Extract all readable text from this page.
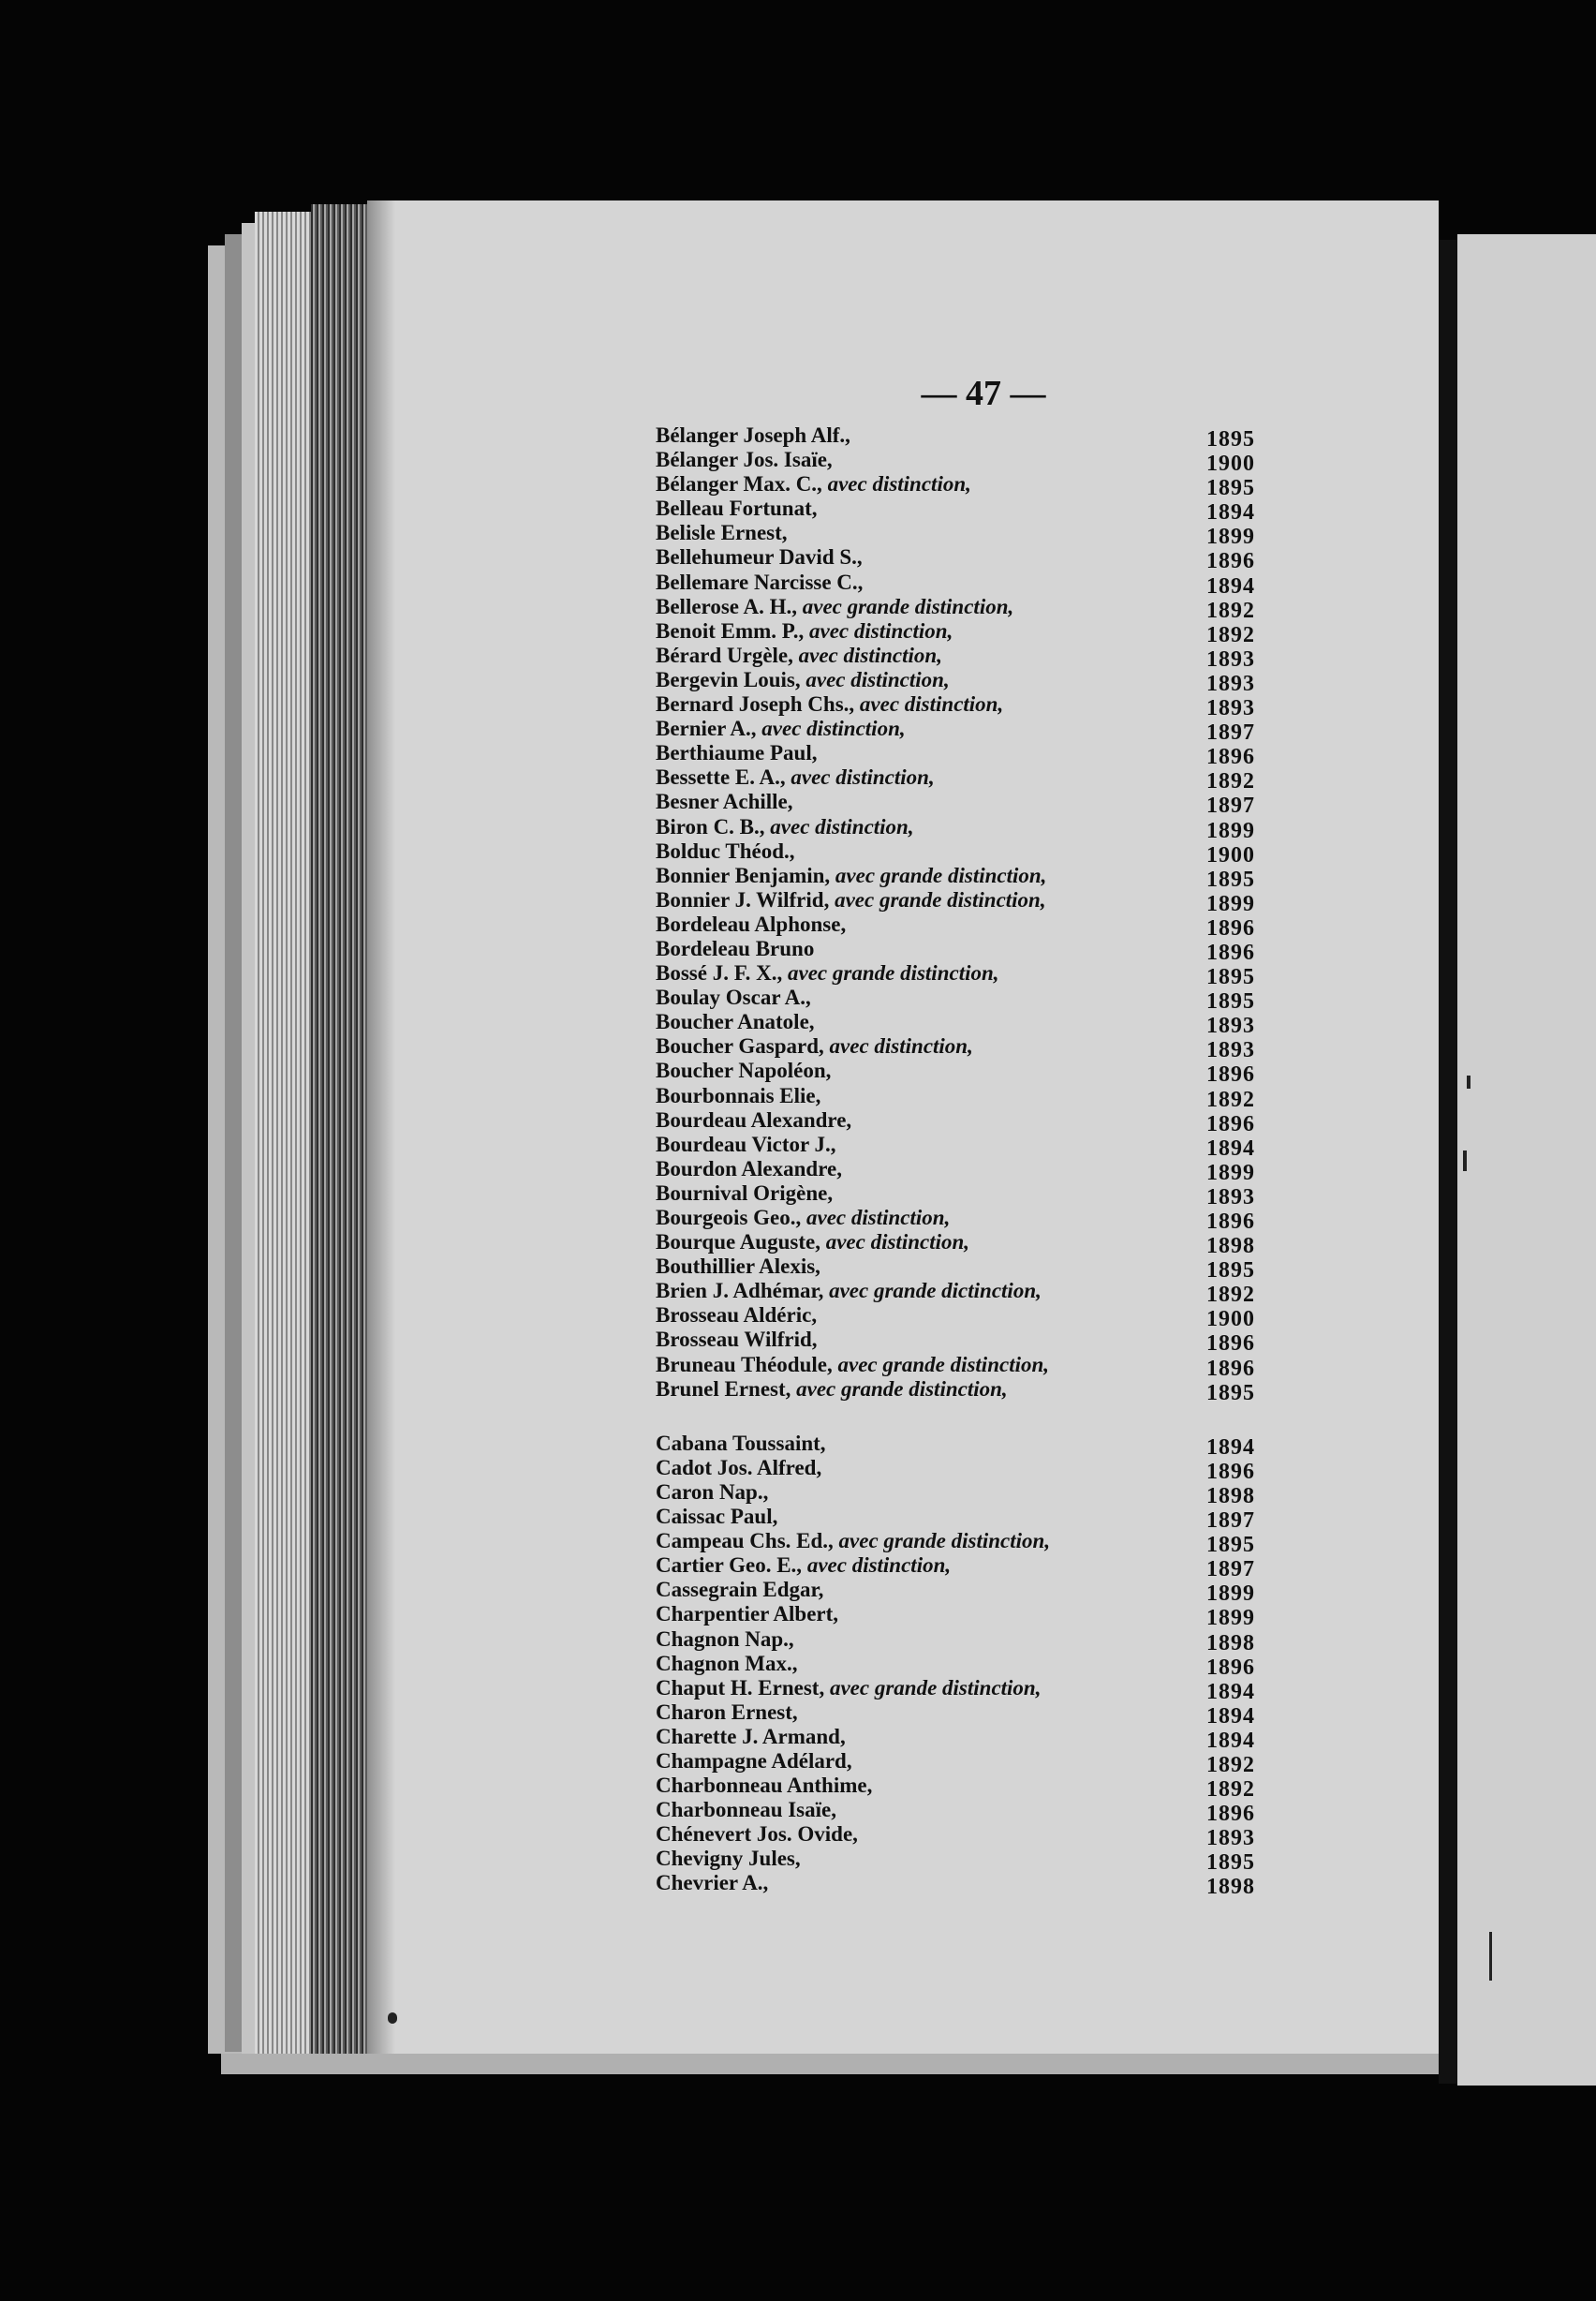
— 47 —
Bélanger Joseph Alf.,	1895
Bélanger Jos. Isaïe,	1900
Bélanger Max. C., avec distinction,	1895
Belleau Fortunat,	1894
Belisle Ernest,	1899
Bellehumeur David S.,	1896
Bellemare Narcisse C.,	1894
Bellerose A. H., avec grande distinction,	1892
Benoit Emm. P., avec distinction,	1892
Bérard Urgèle, avec distinction,	1893
Bergevin Louis, avec distinction,	1893
Bernard Joseph Chs., avec distinction,	1893
Bernier A., avec distinction,	1897
Berthiaume Paul,	1896
Bessette E. A., avec distinction,	1892
Besner Achille,	1897
Biron C. B., avec distinction,	1899
Bolduc Théod.,	1900
Bonnier Benjamin, avec grande distinction,	1895
Bonnier J. Wilfrid, avec grande distinction,	1899
Bordeleau Alphonse,	1896
Bordeleau Bruno	1896
Bossé J. F. X., avec grande distinction,	1895
Boulay Oscar A.,	1895
Boucher Anatole,	1893
Boucher Gaspard, avec distinction,	1893
Boucher Napoléon,	1896
Bourbonnais Elie,	1892
Bourdeau Alexandre,	1896
Bourdeau Victor J.,	1894
Bourdon Alexandre,	1899
Bournival Origène,	1893
Bourgeois Geo., avec distinction,	1896
Bourque Auguste, avec distinction,	1898
Bouthillier Alexis,	1895
Brien J. Adhémar, avec grande dictinction,	1892
Brosseau Aldéric,	1900
Brosseau Wilfrid,	1896
Bruneau Théodule, avec grande distinction,	1896
Brunel Ernest, avec grande distinction,	1895
Cabana Toussaint,	1894
Cadot Jos. Alfred,	1896
Caron Nap.,	1898
Caissac Paul,	1897
Campeau Chs. Ed., avec grande distinction,	1895
Cartier Geo. E., avec distinction,	1897
Cassegrain Edgar,	1899
Charpentier Albert,	1899
Chagnon Nap.,	1898
Chagnon Max.,	1896
Chaput H. Ernest, avec grande distinction,	1894
Charon Ernest,	1894
Charette J. Armand,	1894
Champagne Adélard,	1892
Charbonneau Anthime,	1892
Charbonneau Isaïe,	1896
Chénevert Jos. Ovide,	1893
Chevigny Jules,	1895
Chevrier A.,	1898
